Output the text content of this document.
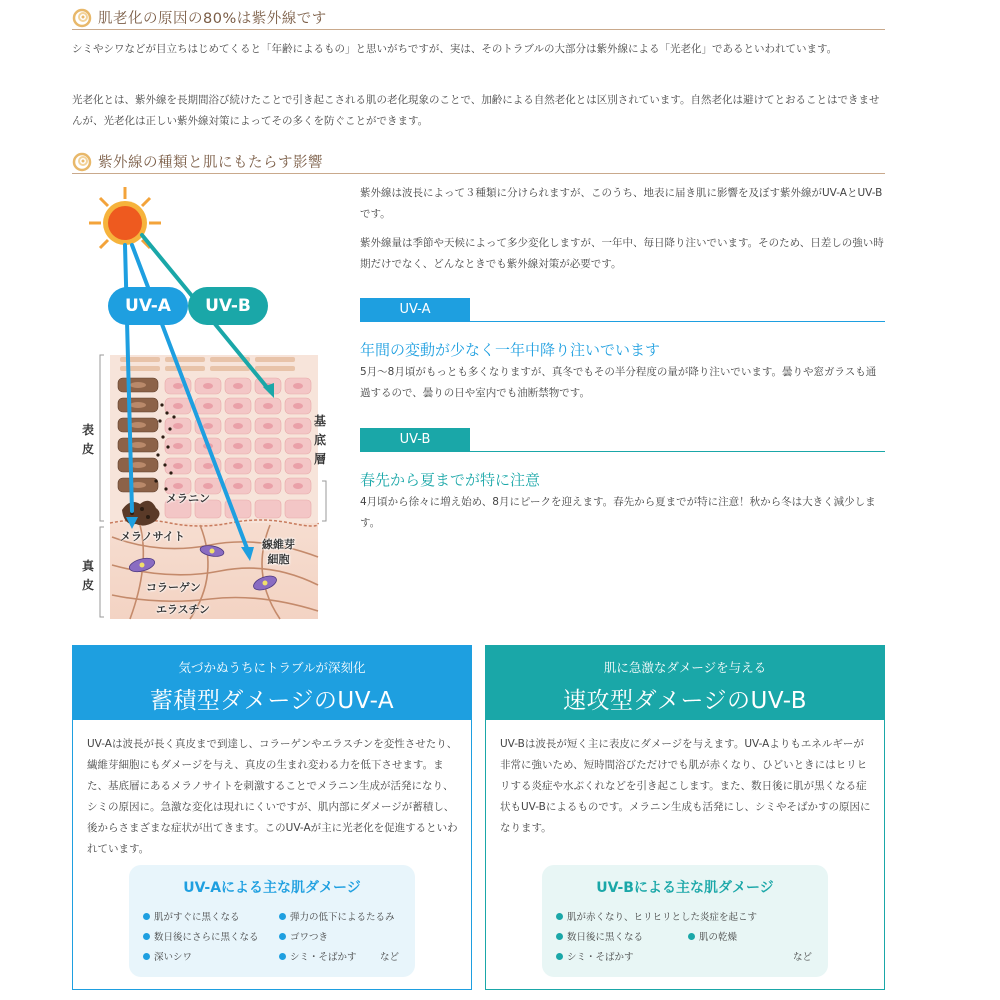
肌老化の原因の80%は紫外線です

シミやシワなどが目立ちはじめてくると「年齢によるもの」と思いがちですが、実は、そのトラブルの大部分は紫外線による「光老化」であるといわれています。

光老化とは、紫外線を長期間浴び続けたことで引き起こされる肌の老化現象のことで、加齢による自然老化とは区別されています。自然老化は避けてとおることはできませんが、光老化は正しい紫外線対策によってその多くを防ぐことができます。

紫外線の種類と肌にもたらす影響

紫外線は波長によって３種類に分けられますが、このうち、地表に届き肌に影響を及ぼす紫外線がUV-AとUV-Bです。

紫外線量は季節や天候によって多少変化しますが、一年中、毎日降り注いでいます。そのため、日差しの強い時期だけでなく、どんなときでも紫外線対策が必要です。

UV-A
年間の変動が少なく一年中降り注いでいます

5月〜8月頃がもっとも多くなりますが、真冬でもその半分程度の量が降り注いでいます。曇りや窓ガラスも通過するので、曇りの日や室内でも油断禁物です。

UV-B
春先から夏までが特に注意

4月頃から徐々に増え始め、8月にピークを迎えます。春先から夏までが特に注意！秋から冬は大きく減少します。

UV-A	UV-B
表
皮
真
皮
基
底
層
メラニン
メラノサイト
線維芽
細胞
コラーゲン
エラスチン
気づかぬうちにトラブルが深刻化
蓄積型ダメージのUV-A

UV-Aは波長が長く真皮まで到達し、コラーゲンやエラスチンを変性させたり、繊維芽細胞にもダメージを与え、真皮の生まれ変わる力を低下させます。また、基底層にあるメラノサイトを刺激することでメラニン生成が活発になり、シミの原因に。急激な変化は現れにくいですが、肌内部にダメージが蓄積し、後からさまざまな症状が出てきます。このUV-Aが主に光老化を促進するといわれています。

UV-Aによる主な肌ダメージ
肌がすぐに黒くなる	弾力の低下によるたるみ
数日後にさらに黒くなる	ゴワつき
深いシワ	シミ・そばかす など
肌に急激なダメージを与える
速攻型ダメージのUV-B

UV-Bは波長が短く主に表皮にダメージを与えます。UV-Aよりもエネルギーが非常に強いため、短時間浴びただけでも肌が赤くなり、ひどいときにはヒリヒリする炎症や水ぶくれなどを引き起こします。また、数日後に肌が黒くなる症状もUV-Bによるものです。メラニン生成も活発にし、シミやそばかすの原因になります。

UV-Bによる主な肌ダメージ
肌が赤くなり、ヒリヒリとした炎症を起こす
数日後に黒くなる	肌の乾燥
シミ・そばかす	など
